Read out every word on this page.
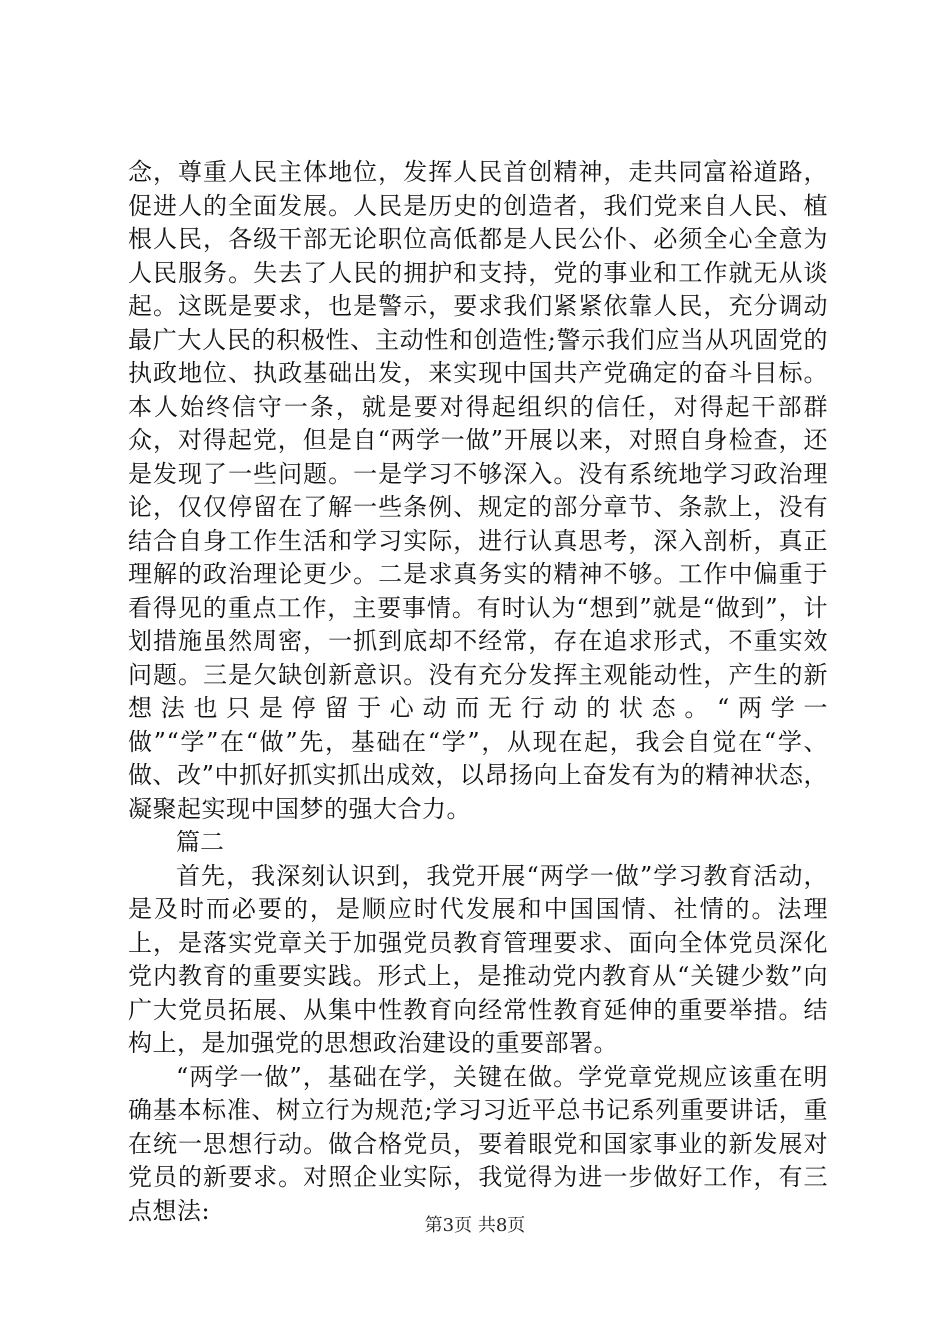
念，尊重人民主体地位，发挥人民首创精神，走共同富裕道路，促进人的全面发展。人民是历史的创造者，我们党来自人民、植根人民，各级干部无论职位高低都是人民公仆、必须全心全意为人民服务。失去了人民的拥护和支持，党的事业和工作就无从谈起。这既是要求，也是警示，要求我们紧紧依靠人民，充分调动最广大人民的积极性、主动性和创造性;警示我们应当从巩固党的执政地位、执政基础出发，来实现中国共产党确定的奋斗目标。本人始终信守一条，就是要对得起组织的信任，对得起干部群众，对得起党，但是自“两学一做”开展以来，对照自身检查，还是发现了一些问题。一是学习不够深入。没有系统地学习政治理论，仅仅停留在了解一些条例、规定的部分章节、条款上，没有结合自身工作生活和学习实际，进行认真思考，深入剖析，真正理解的政治理论更少。二是求真务实的精神不够。工作中偏重于看得见的重点工作，主要事情。有时认为“想到”就是“做到”，计划措施虽然周密，一抓到底却不经常，存在追求形式，不重实效问题。三是欠缺创新意识。没有充分发挥主观能动性，产生的新想法也只是停留于心动而无行动的状态。“两学一做”“学”在“做”先，基础在“学”，从现在起，我会自觉在“学、做、改”中抓好抓实抓出成效，以昂扬向上奋发有为的精神状态，凝聚起实现中国梦的强大合力。

篇二

首先，我深刻认识到，我党开展“两学一做”学习教育活动，是及时而必要的，是顺应时代发展和中国国情、社情的。法理上，是落实党章关于加强党员教育管理要求、面向全体党员深化党内教育的重要实践。形式上，是推动党内教育从“关键少数”向广大党员拓展、从集中性教育向经常性教育延伸的重要举措。结构上，是加强党的思想政治建设的重要部署。

“两学一做”，基础在学，关键在做。学党章党规应该重在明确基本标准、树立行为规范;学习习近平总书记系列重要讲话，重在统一思想行动。做合格党员，要着眼党和国家事业的新发展对党员的新要求。对照企业实际，我觉得为进一步做好工作，有三点想法:

第3页 共8页
